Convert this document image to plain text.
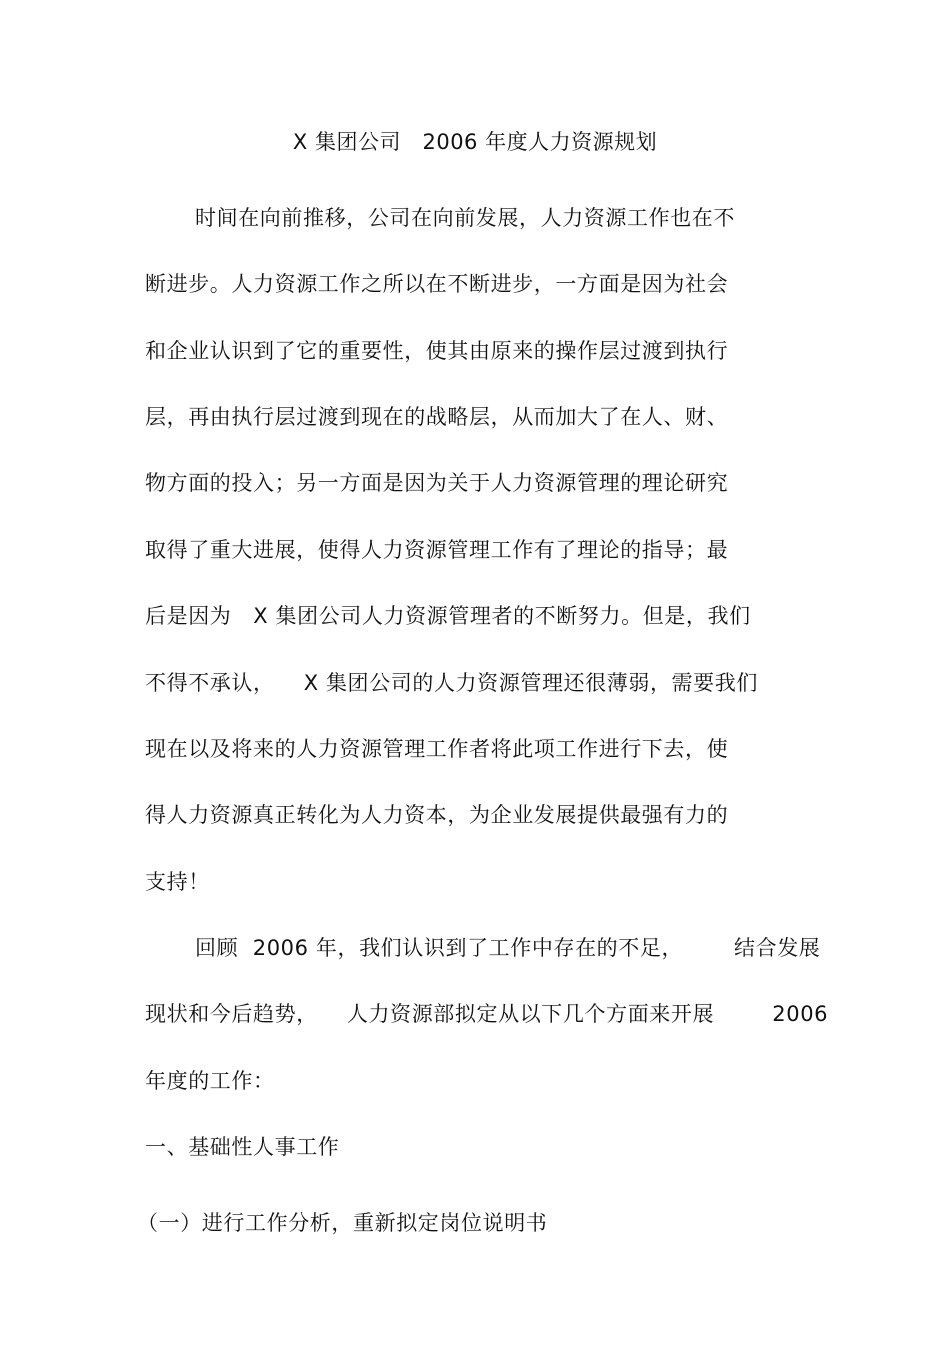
X 集团公司   2006 年度人力资源规划
时间在向前推移，公司在向前发展，人力资源工作也在不
断进步。人力资源工作之所以在不断进步，一方面是因为社会
和企业认识到了它的重要性，使其由原来的操作层过渡到执行
层，再由执行层过渡到现在的战略层，从而加大了在人、财、
物方面的投入；另一方面是因为关于人力资源管理的理论研究
取得了重大进展，使得人力资源管理工作有了理论的指导；最
后是因为   X 集团公司人力资源管理者的不断努力。但是，我们
不得不承认，    X 集团公司的人力资源管理还很薄弱，需要我们
现在以及将来的人力资源管理工作者将此项工作进行下去，使
得人力资源真正转化为人力资本，为企业发展提供最强有力的
支持！
回顾  2006 年，我们认识到了工作中存在的不足，       结合发展
现状和今后趋势，    人力资源部拟定从以下几个方面来开展        2006
年度的工作：
一、基础性人事工作
（一）进行工作分析，重新拟定岗位说明书
